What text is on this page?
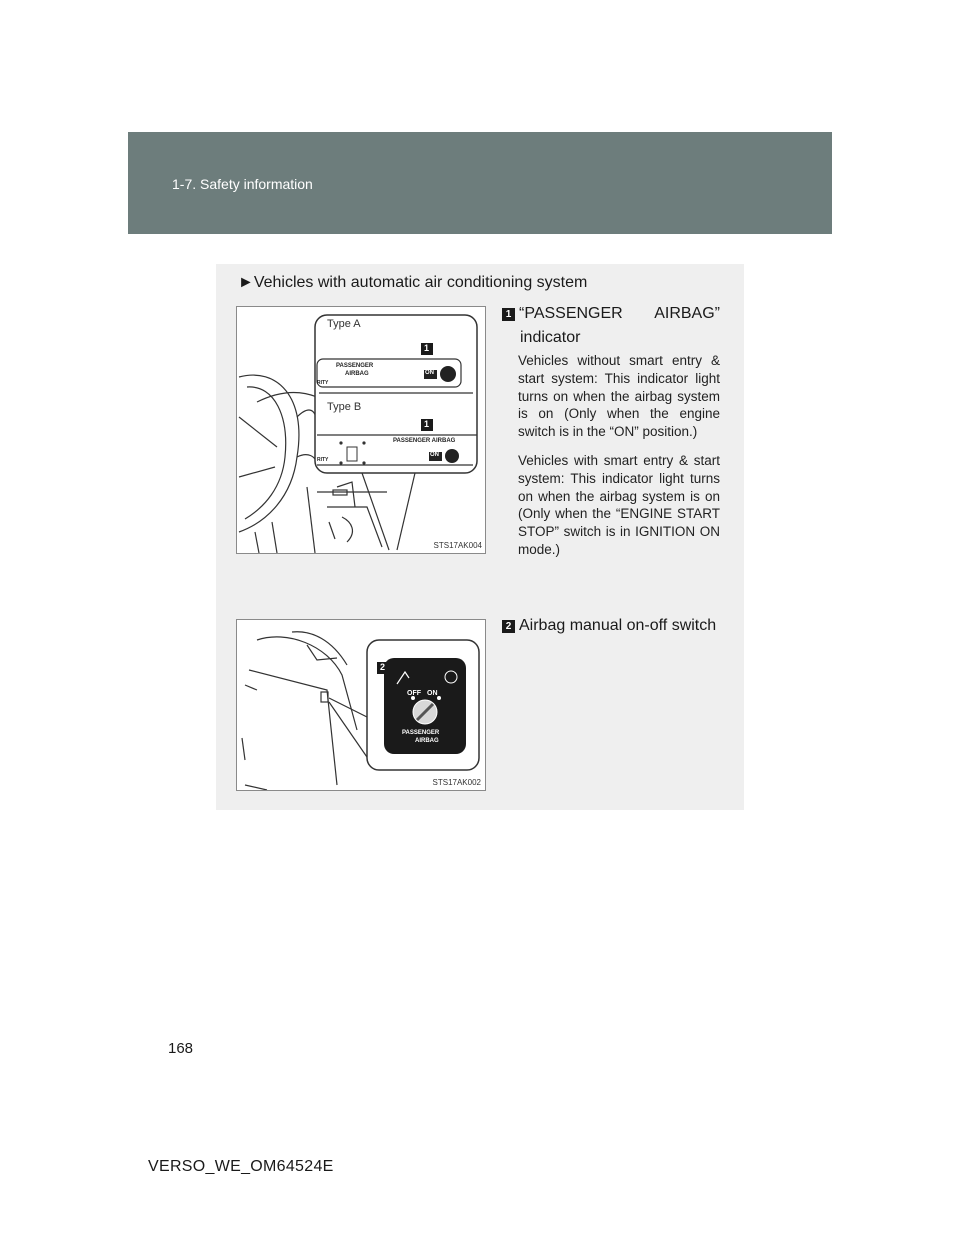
1-7. Safety information
►Vehicles with automatic air conditioning system
Type A
Type B
1
1
PASSENGER
AIRBAG	ON
PASSENGER AIRBAG
ON
RITY
RITY
STS17AK004
2
OFF ON
PASSENGER
AIRBAG
STS17AK002
1 “PASSENGER AIRBAG”
indicator
Vehicles without smart entry & start system: This indicator light turns on when the airbag system is on (Only when the engine switch is in the “ON” position.)
Vehicles with smart entry & start system: This indicator light turns on when the airbag system is on (Only when the “ENGINE START STOP” switch is in IGNITION ON mode.)
2 Airbag manual on-off switch
168
VERSO_WE_OM64524E
